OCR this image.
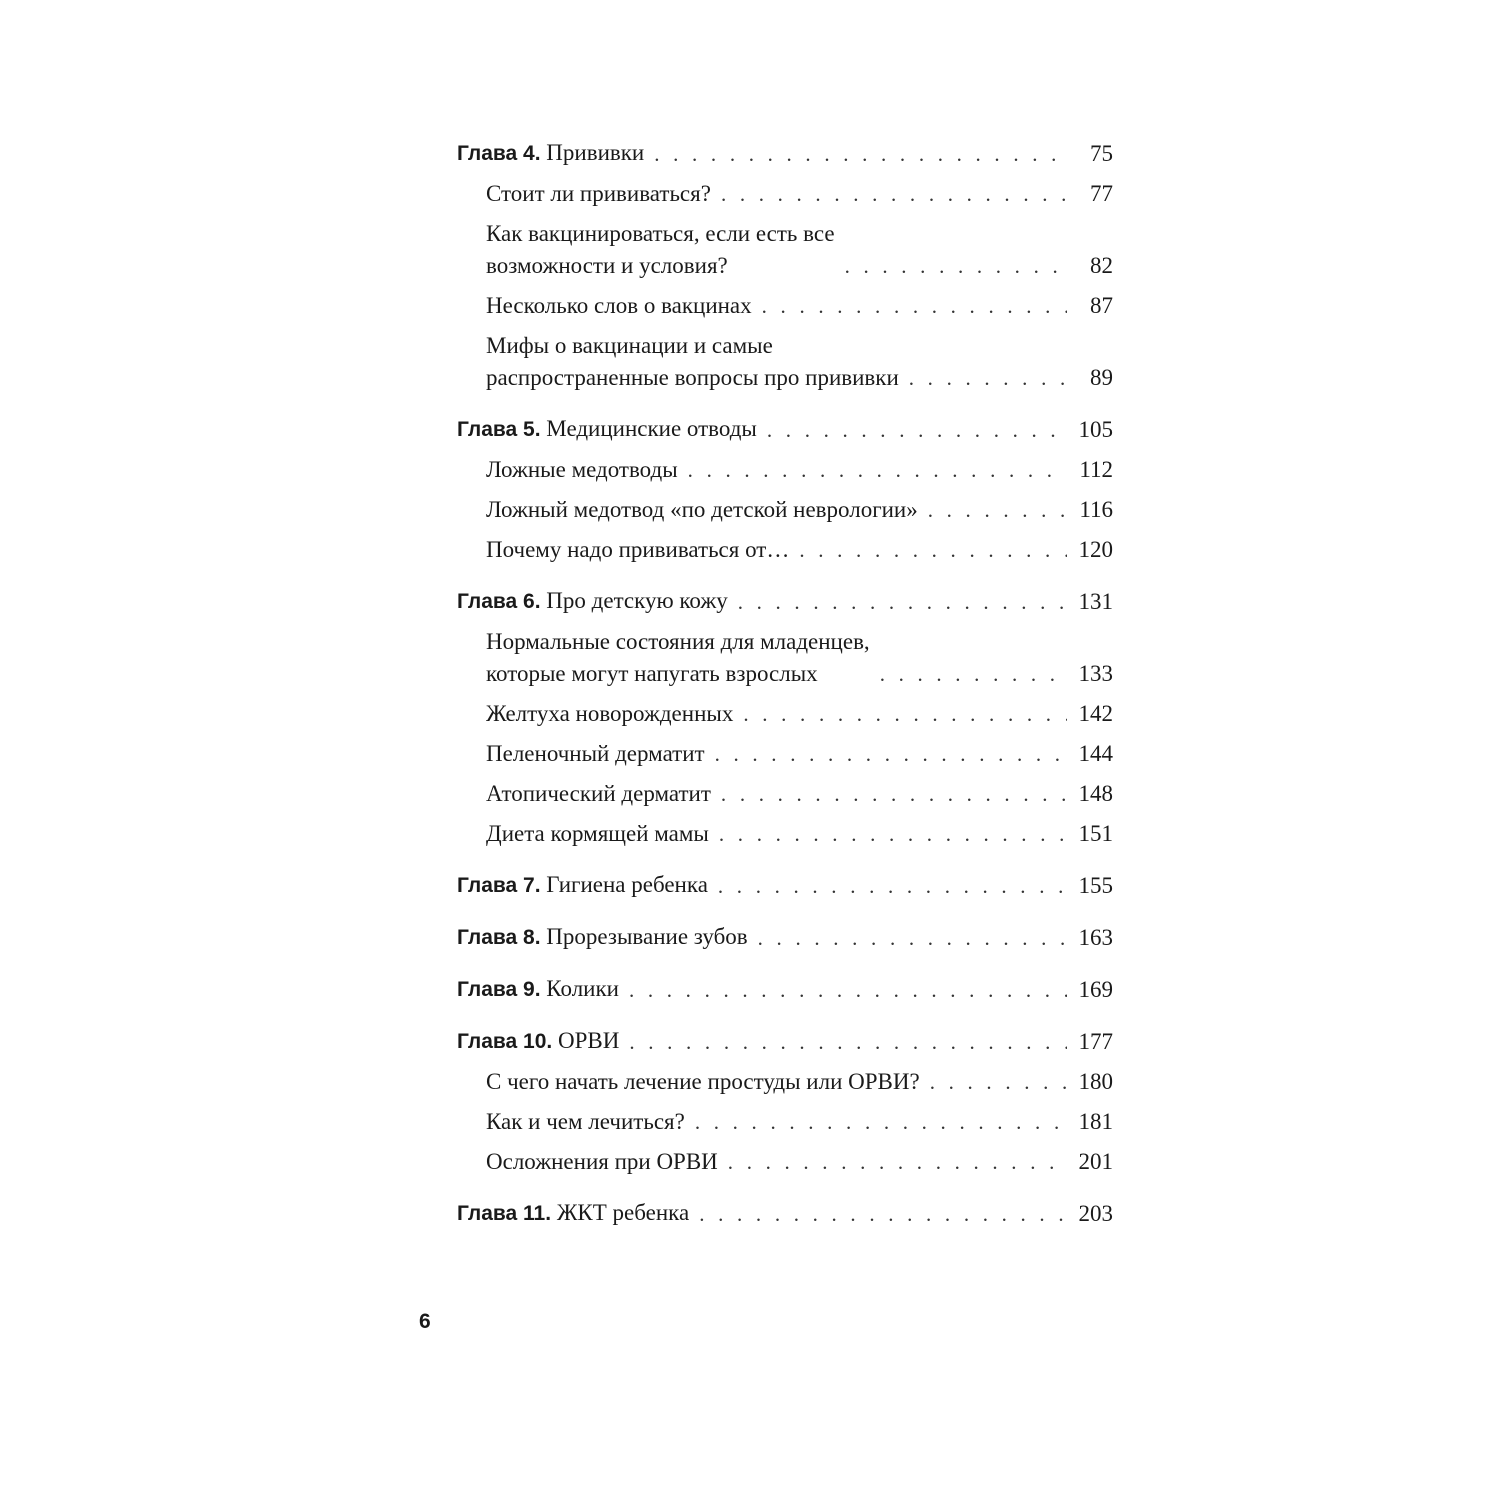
Глава 4. Прививки . . .	75
Стоит ли прививаться? . . .	77
Как вакцинироваться, если есть все
возможности и условия? . . .	82
Несколько слов о вакцинах . . .	87
Мифы о вакцинации и самые
распространенные вопросы про прививки . . .	89
Глава 5. Медицинские отводы . . .	105
Ложные медотводы . . .	112
Ложный медотвод «по детской неврологии» . . .	116
Почему надо прививаться от… . . .	120
Глава 6. Про детскую кожу . . .	131
Нормальные состояния для младенцев,
которые могут напугать взрослых . . .	133
Желтуха новорожденных . . .	142
Пеленочный дерматит . . .	144
Атопический дерматит . . .	148
Диета кормящей мамы . . .	151
Глава 7. Гигиена ребенка . . .	155
Глава 8. Прорезывание зубов . . .	163
Глава 9. Колики . . .	169
Глава 10. ОРВИ . . .	177
С чего начать лечение простуды или ОРВИ? . . .	180
Как и чем лечиться? . . .	181
Осложнения при ОРВИ . . .	201
Глава 11. ЖКТ ребенка . . .	203
6
